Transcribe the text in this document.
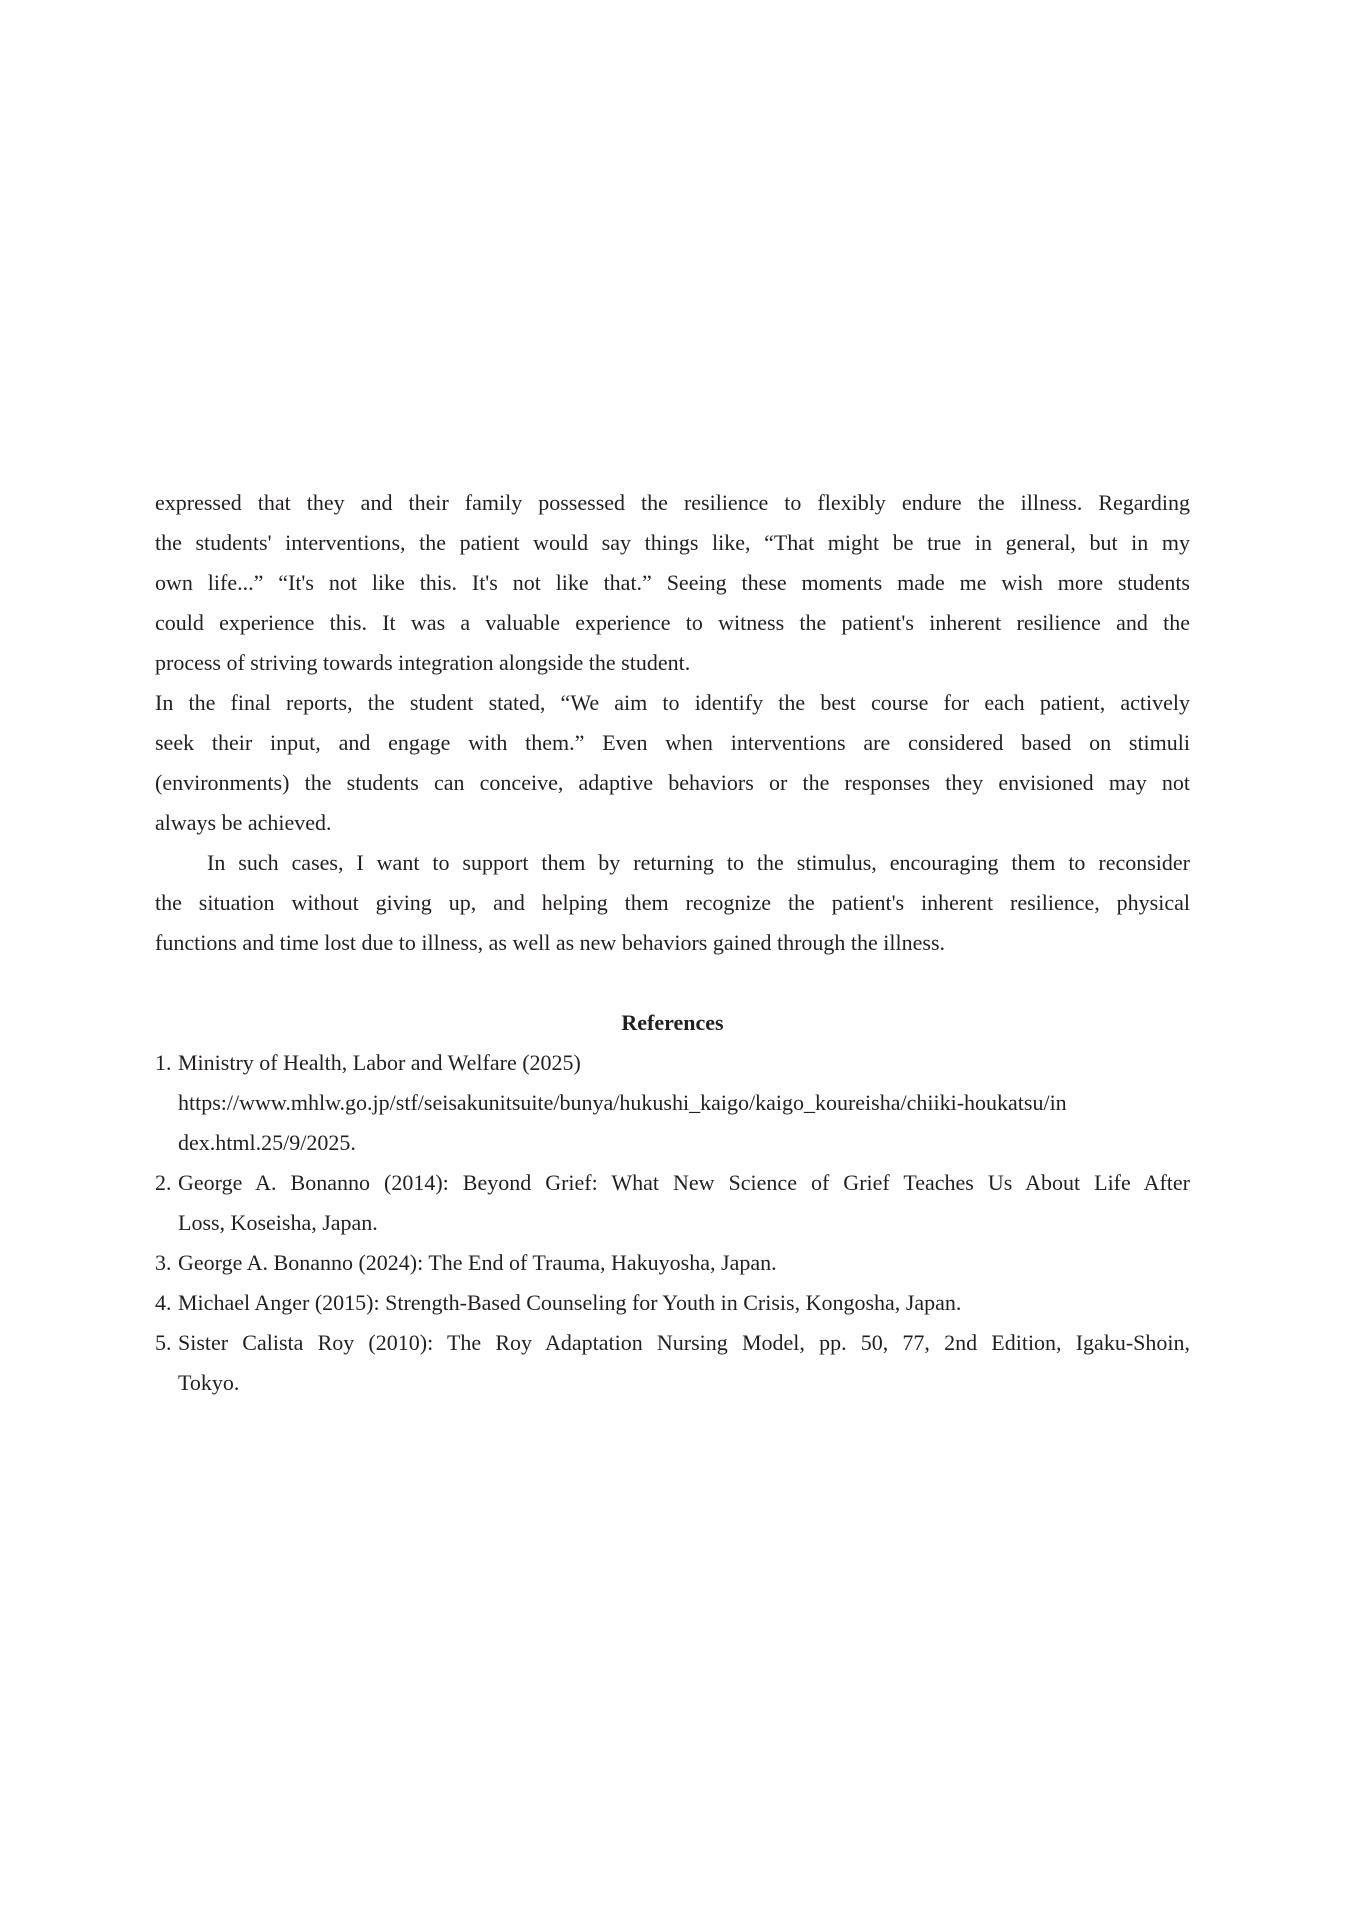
expressed that they and their family possessed the resilience to flexibly endure the illness. Regarding
the students' interventions, the patient would say things like, “That might be true in general, but in my
own life...” “It's not like this. It's not like that.” Seeing these moments made me wish more students
could experience this. It was a valuable experience to witness the patient's inherent resilience and the
process of striving towards integration alongside the student.
In the final reports, the student stated, “We aim to identify the best course for each patient, actively
seek their input, and engage with them.” Even when interventions are considered based on stimuli
(environments) the students can conceive, adaptive behaviors or the responses they envisioned may not
always be achieved.
In such cases, I want to support them by returning to the stimulus, encouraging them to reconsider
the situation without giving up, and helping them recognize the patient's inherent resilience, physical
functions and time lost due to illness, as well as new behaviors gained through the illness.
References
1. Ministry of Health, Labor and Welfare (2025)
https://www.mhlw.go.jp/stf/seisakunitsuite/bunya/hukushi_kaigo/kaigo_koureisha/chiiki-houkatsu/in
dex.html.25/9/2025.
2. George A. Bonanno (2014): Beyond Grief: What New Science of Grief Teaches Us About Life After
Loss, Koseisha, Japan.
3. George A. Bonanno (2024): The End of Trauma, Hakuyosha, Japan.
4. Michael Anger (2015): Strength-Based Counseling for Youth in Crisis, Kongosha, Japan.
5. Sister Calista Roy (2010): The Roy Adaptation Nursing Model, pp. 50, 77, 2nd Edition, Igaku-Shoin,
Tokyo.
